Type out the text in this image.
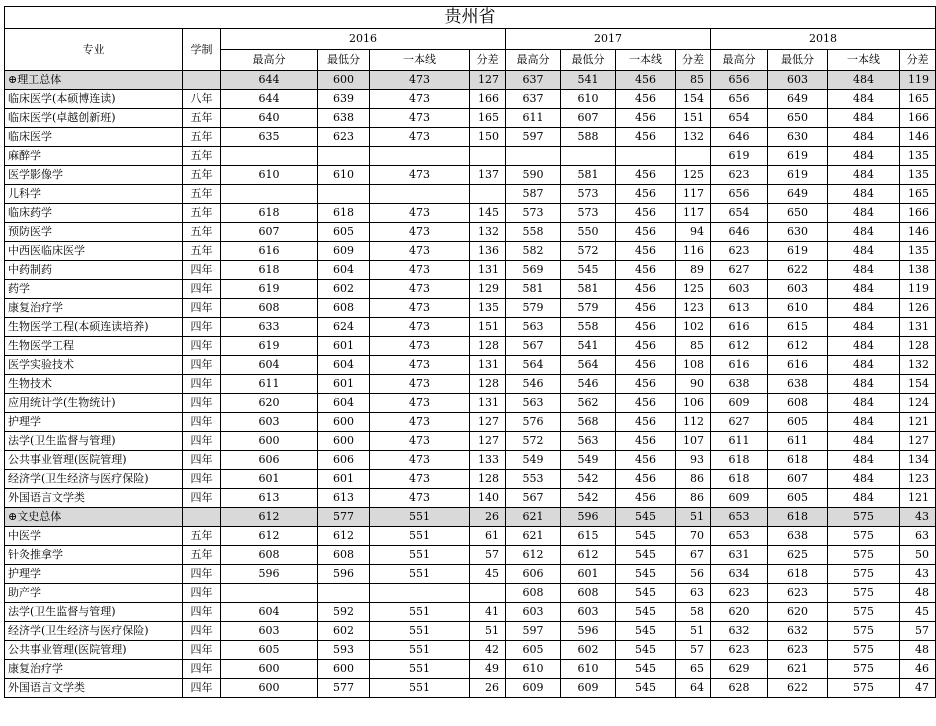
贵州省													
专业	学制	2016				2017				2018			
		最高分	最低分	一本线	分差	最高分	最低分	一本线	分差	最高分	最低分	一本线	分差
⊕理工总体		644	600	473	127	637	541	456	85	656	603	484	119
临床医学(本硕博连读)	八年	644	639	473	166	637	610	456	154	656	649	484	165
临床医学(卓越创新班)	五年	640	638	473	165	611	607	456	151	654	650	484	166
临床医学	五年	635	623	473	150	597	588	456	132	646	630	484	146
麻醉学	五年									619	619	484	135
医学影像学	五年	610	610	473	137	590	581	456	125	623	619	484	135
儿科学	五年					587	573	456	117	656	649	484	165
临床药学	五年	618	618	473	145	573	573	456	117	654	650	484	166
预防医学	五年	607	605	473	132	558	550	456	94	646	630	484	146
中西医临床医学	五年	616	609	473	136	582	572	456	116	623	619	484	135
中药制药	四年	618	604	473	131	569	545	456	89	627	622	484	138
药学	四年	619	602	473	129	581	581	456	125	603	603	484	119
康复治疗学	四年	608	608	473	135	579	579	456	123	613	610	484	126
生物医学工程(本硕连读培养)	四年	633	624	473	151	563	558	456	102	616	615	484	131
生物医学工程	四年	619	601	473	128	567	541	456	85	612	612	484	128
医学实验技术	四年	604	604	473	131	564	564	456	108	616	616	484	132
生物技术	四年	611	601	473	128	546	546	456	90	638	638	484	154
应用统计学(生物统计)	四年	620	604	473	131	563	562	456	106	609	608	484	124
护理学	四年	603	600	473	127	576	568	456	112	627	605	484	121
法学(卫生监督与管理)	四年	600	600	473	127	572	563	456	107	611	611	484	127
公共事业管理(医院管理)	四年	606	606	473	133	549	549	456	93	618	618	484	134
经济学(卫生经济与医疗保险)	四年	601	601	473	128	553	542	456	86	618	607	484	123
外国语言文学类	四年	613	613	473	140	567	542	456	86	609	605	484	121
⊕文史总体		612	577	551	26	621	596	545	51	653	618	575	43
中医学	五年	612	612	551	61	621	615	545	70	653	638	575	63
针灸推拿学	五年	608	608	551	57	612	612	545	67	631	625	575	50
护理学	四年	596	596	551	45	606	601	545	56	634	618	575	43
助产学	四年					608	608	545	63	623	623	575	48
法学(卫生监督与管理)	四年	604	592	551	41	603	603	545	58	620	620	575	45
经济学(卫生经济与医疗保险)	四年	603	602	551	51	597	596	545	51	632	632	575	57
公共事业管理(医院管理)	四年	605	593	551	42	605	602	545	57	623	623	575	48
康复治疗学	四年	600	600	551	49	610	610	545	65	629	621	575	46
外国语言文学类	四年	600	577	551	26	609	609	545	64	628	622	575	47
